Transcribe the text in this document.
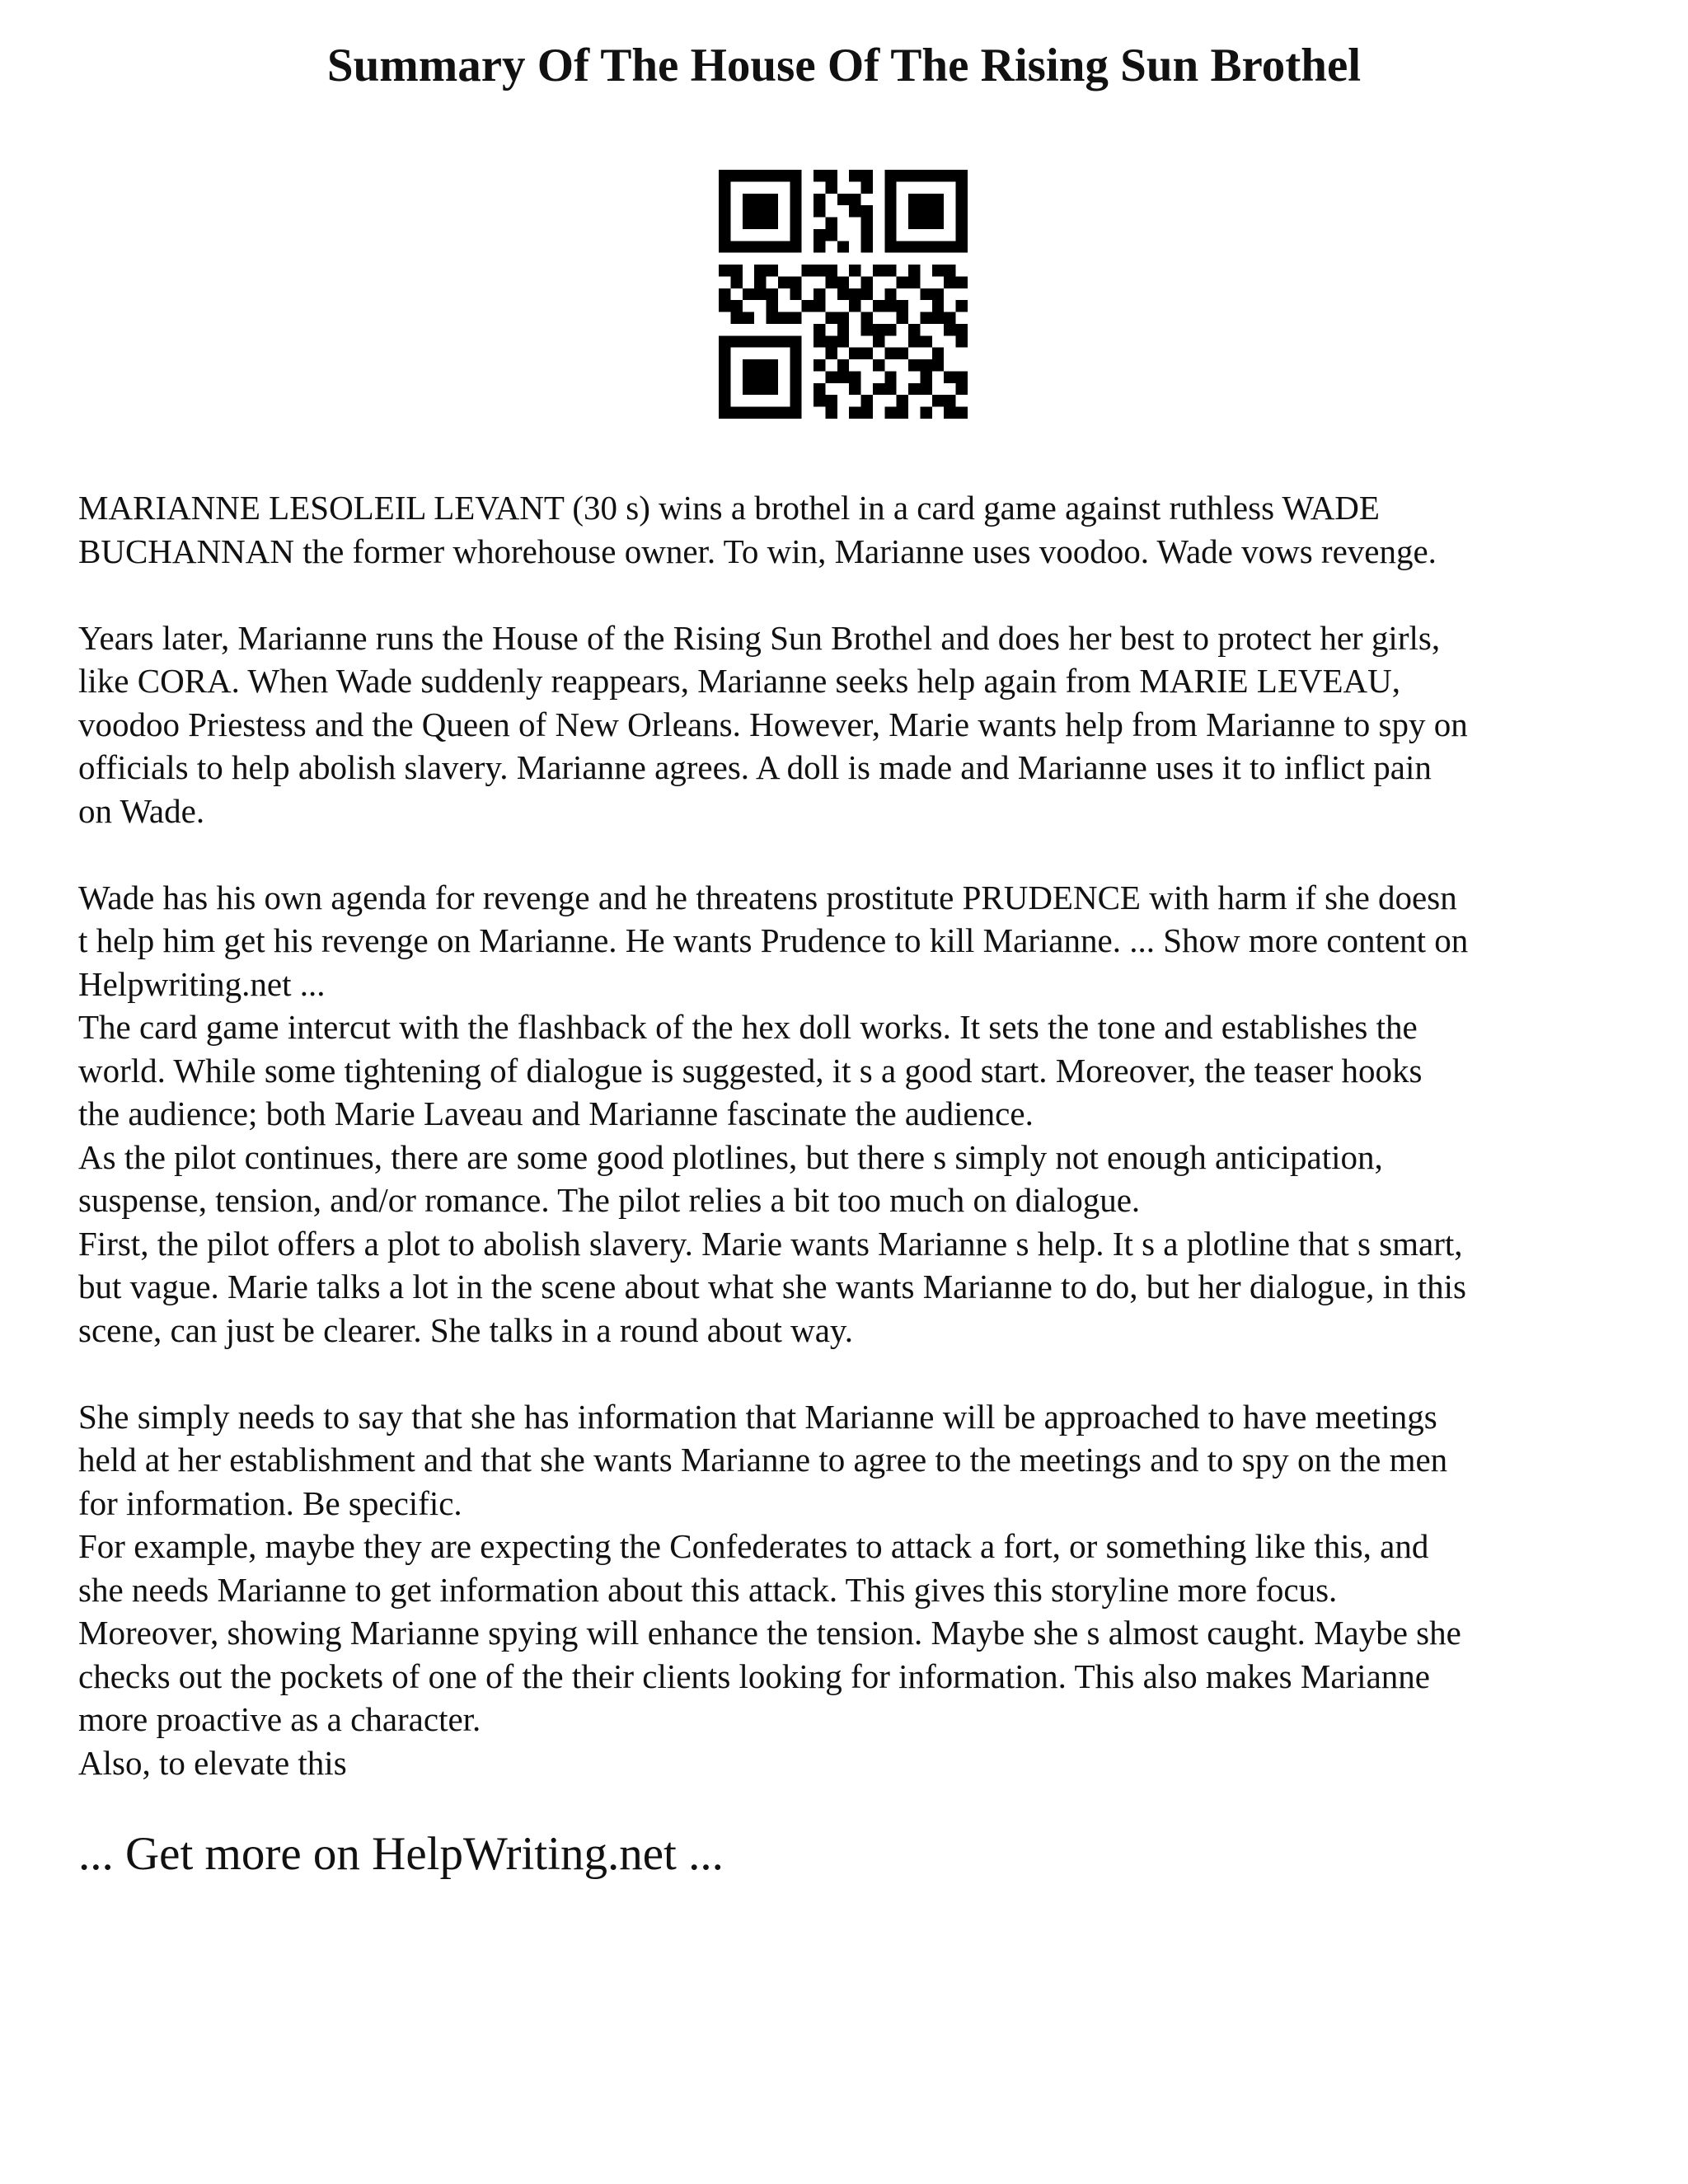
Summary Of The House Of The Rising Sun Brothel

MARIANNE LESOLEIL LEVANT (30 s) wins a brothel in a card game against ruthless WADE

BUCHANNAN the former whorehouse owner. To win, Marianne uses voodoo. Wade vows revenge.

Years later, Marianne runs the House of the Rising Sun Brothel and does her best to protect her girls,

like CORA. When Wade suddenly reappears, Marianne seeks help again from MARIE LEVEAU,

voodoo Priestess and the Queen of New Orleans. However, Marie wants help from Marianne to spy on

officials to help abolish slavery. Marianne agrees. A doll is made and Marianne uses it to inflict pain

on Wade.

Wade has his own agenda for revenge and he threatens prostitute PRUDENCE with harm if she doesn

t help him get his revenge on Marianne. He wants Prudence to kill Marianne. ... Show more content on

Helpwriting.net ...

The card game intercut with the flashback of the hex doll works. It sets the tone and establishes the

world. While some tightening of dialogue is suggested, it s a good start. Moreover, the teaser hooks

the audience; both Marie Laveau and Marianne fascinate the audience.

As the pilot continues, there are some good plotlines, but there s simply not enough anticipation,

suspense, tension, and/or romance. The pilot relies a bit too much on dialogue.

First, the pilot offers a plot to abolish slavery. Marie wants Marianne s help. It s a plotline that s smart,

but vague. Marie talks a lot in the scene about what she wants Marianne to do, but her dialogue, in this

scene, can just be clearer. She talks in a round about way.

She simply needs to say that she has information that Marianne will be approached to have meetings

held at her establishment and that she wants Marianne to agree to the meetings and to spy on the men

for information. Be specific.

For example, maybe they are expecting the Confederates to attack a fort, or something like this, and

she needs Marianne to get information about this attack. This gives this storyline more focus.

Moreover, showing Marianne spying will enhance the tension. Maybe she s almost caught. Maybe she

checks out the pockets of one of the their clients looking for information. This also makes Marianne

more proactive as a character.

Also, to elevate this

... Get more on HelpWriting.net ...
